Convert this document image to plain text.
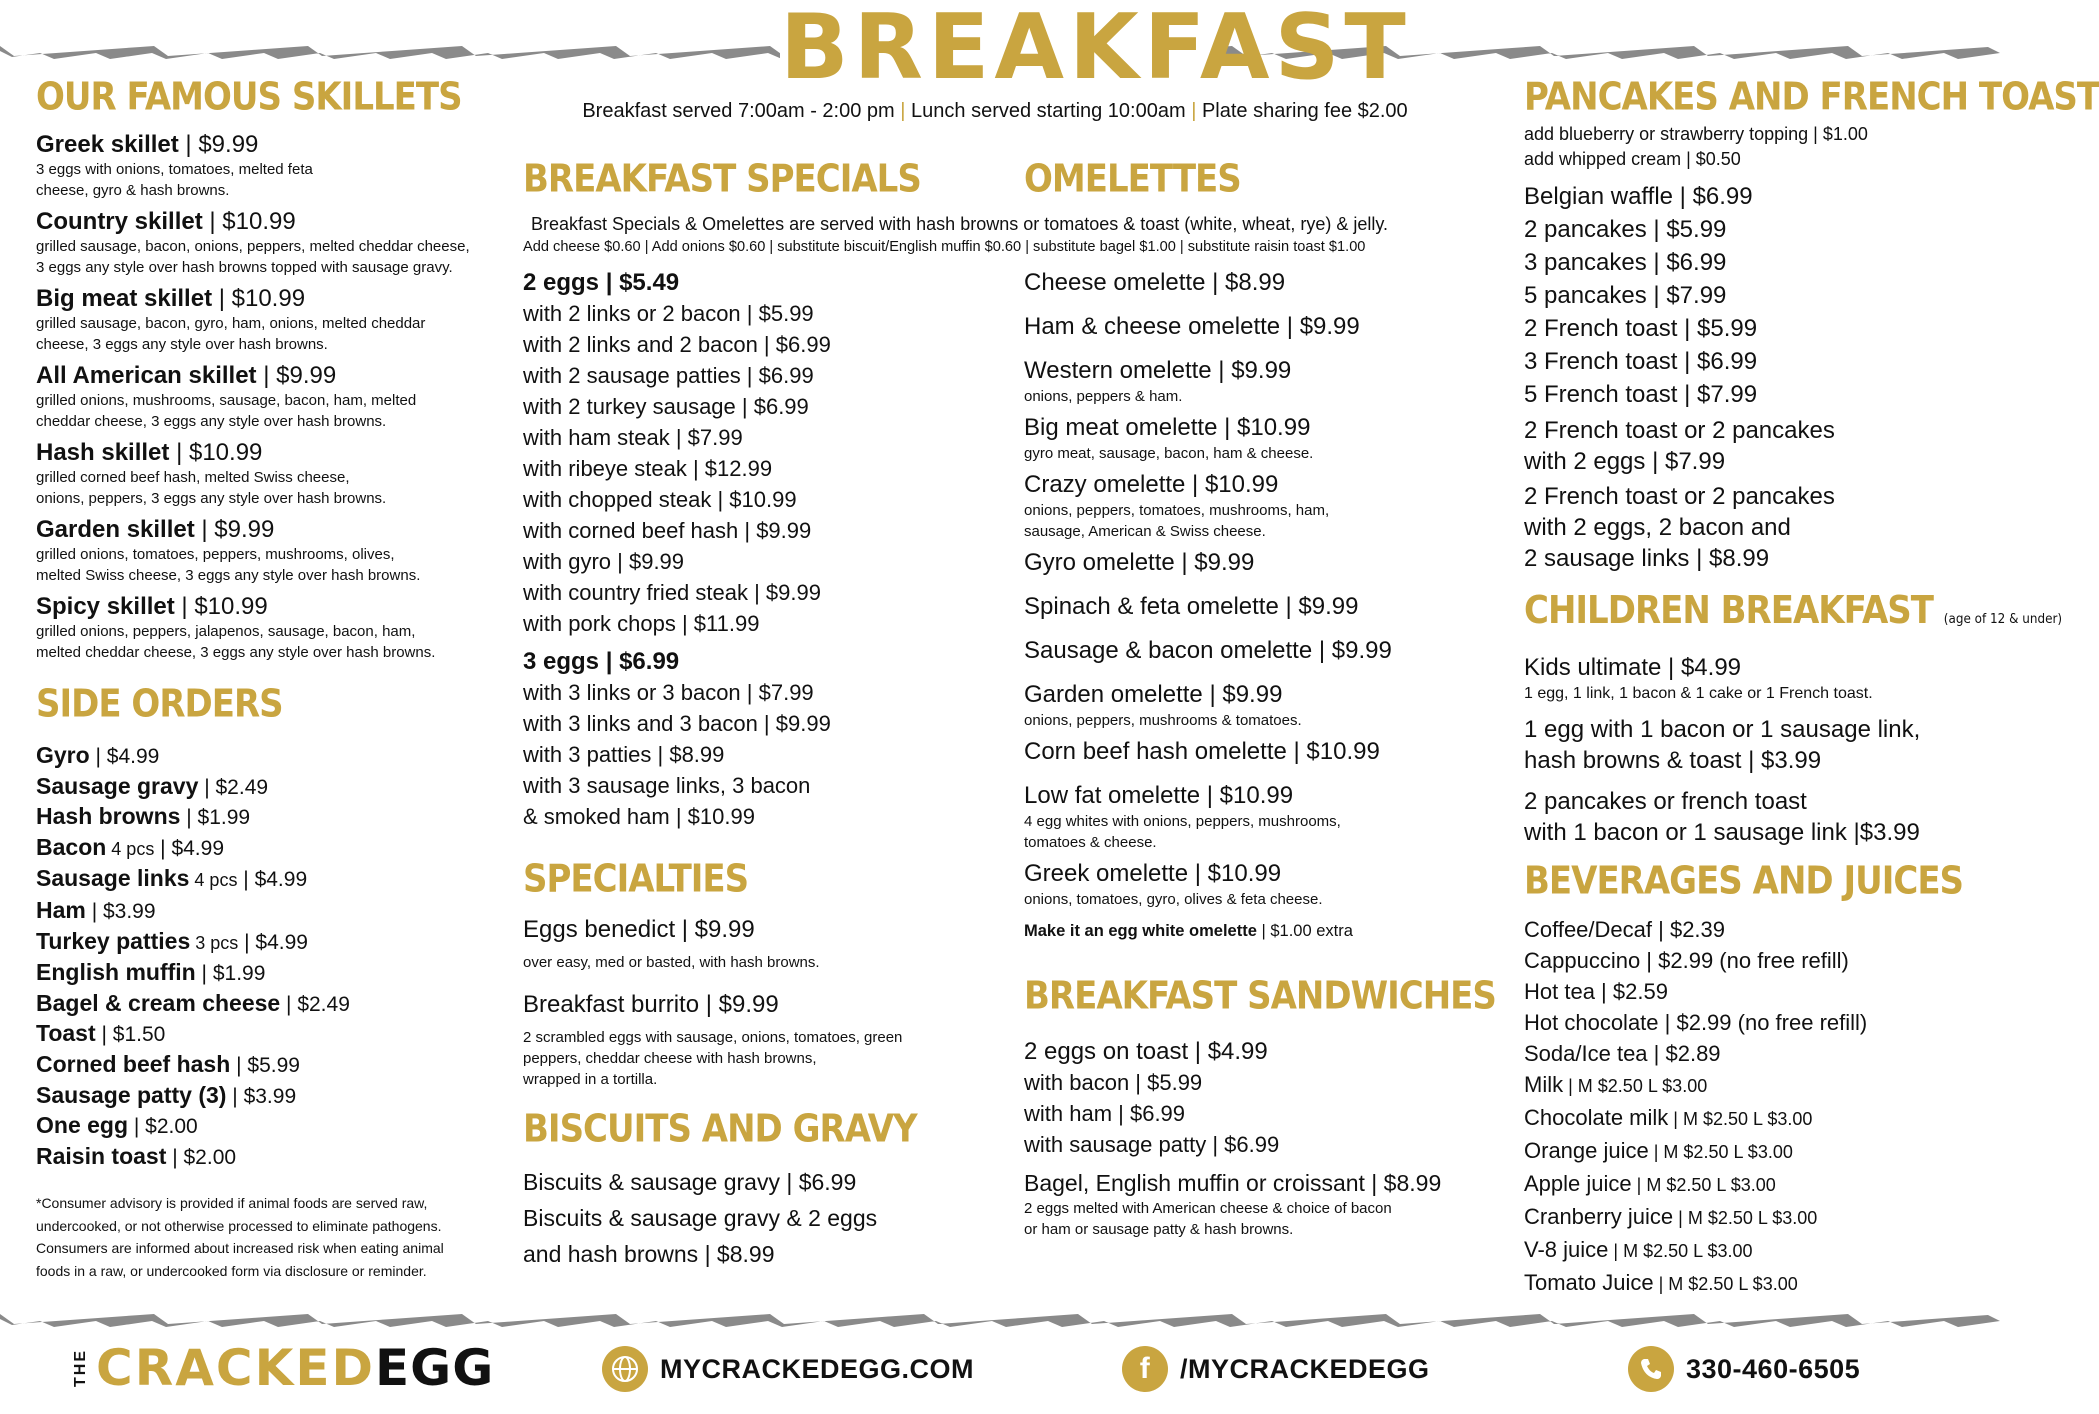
BREAKFAST
Breakfast served 7:00am - 2:00 pm | Lunch served starting 10:00am | Plate sharing fee $2.00
OUR FAMOUS SKILLETS
Greek skillet | $9.99
3 eggs with onions, tomatoes, melted feta
cheese, gyro & hash browns.
Country skillet | $10.99
grilled sausage, bacon, onions, peppers, melted cheddar cheese,
3 eggs any style over hash browns topped with sausage gravy.
Big meat skillet | $10.99
grilled sausage, bacon, gyro, ham, onions, melted cheddar
cheese, 3 eggs any style over hash browns.
All American skillet | $9.99
grilled onions, mushrooms, sausage, bacon, ham, melted
cheddar cheese, 3 eggs any style over hash browns.
Hash skillet | $10.99
grilled corned beef hash, melted Swiss cheese,
onions, peppers, 3 eggs any style over hash browns.
Garden skillet | $9.99
grilled onions, tomatoes, peppers, mushrooms, olives,
melted Swiss cheese, 3 eggs any style over hash browns.
Spicy skillet | $10.99
grilled onions, peppers, jalapenos, sausage, bacon, ham,
melted cheddar cheese, 3 eggs any style over hash browns.
SIDE ORDERS
Gyro | $4.99
Sausage gravy | $2.49
Hash browns | $1.99
Bacon 4 pcs | $4.99
Sausage links 4 pcs | $4.99
Ham | $3.99
Turkey patties 3 pcs | $4.99
English muffin | $1.99
Bagel & cream cheese | $2.49
Toast | $1.50
Corned beef hash | $5.99
Sausage patty (3) | $3.99
One egg | $2.00
Raisin toast | $2.00
*Consumer advisory is provided if animal foods are served raw,
undercooked, or not otherwise processed to eliminate pathogens.
Consumers are informed about increased risk when eating animal
foods in a raw, or undercooked form via disclosure or reminder.
BREAKFAST SPECIALS	OMELETTES
Breakfast Specials & Omelettes are served with hash browns or tomatoes & toast (white, wheat, rye) & jelly.
Add cheese $0.60 | Add onions $0.60 | substitute biscuit/English muffin $0.60 | substitute bagel $1.00 | substitute raisin toast $1.00
2 eggs | $5.49
with 2 links or 2 bacon | $5.99
with 2 links and 2 bacon | $6.99
with 2 sausage patties | $6.99
with 2 turkey sausage | $6.99
with ham steak | $7.99
with ribeye steak | $12.99
with chopped steak | $10.99
with corned beef hash | $9.99
with gyro | $9.99
with country fried steak | $9.99
with pork chops | $11.99
3 eggs | $6.99
with 3 links or 3 bacon | $7.99
with 3 links and 3 bacon | $9.99
with 3 patties | $8.99
with 3 sausage links, 3 bacon
& smoked ham | $10.99
SPECIALTIES
Eggs benedict | $9.99
over easy, med or basted, with hash browns.
Breakfast burrito | $9.99
2 scrambled eggs with sausage, onions, tomatoes, green
peppers, cheddar cheese with hash browns,
wrapped in a tortilla.
BISCUITS AND GRAVY
Biscuits & sausage gravy | $6.99
Biscuits & sausage gravy & 2 eggs
and hash browns | $8.99
Cheese omelette | $8.99
Ham & cheese omelette | $9.99
Western omelette | $9.99
onions, peppers & ham.
Big meat omelette | $10.99
gyro meat, sausage, bacon, ham & cheese.
Crazy omelette | $10.99
onions, peppers, tomatoes, mushrooms, ham,
sausage, American & Swiss cheese.
Gyro omelette | $9.99
Spinach & feta omelette | $9.99
Sausage & bacon omelette | $9.99
Garden omelette | $9.99
onions, peppers, mushrooms & tomatoes.
Corn beef hash omelette | $10.99
Low fat omelette | $10.99
4 egg whites with onions, peppers, mushrooms,
tomatoes & cheese.
Greek omelette | $10.99
onions, tomatoes, gyro, olives & feta cheese.
Make it an egg white omelette | $1.00 extra
BREAKFAST SANDWICHES
2 eggs on toast | $4.99
with bacon | $5.99
with ham | $6.99
with sausage patty | $6.99
Bagel, English muffin or croissant | $8.99
2 eggs melted with American cheese & choice of bacon
or ham or sausage patty & hash browns.
PANCAKES AND FRENCH TOAST
add blueberry or strawberry topping | $1.00
add whipped cream | $0.50
Belgian waffle | $6.99
2 pancakes | $5.99
3 pancakes | $6.99
5 pancakes | $7.99
2 French toast | $5.99
3 French toast | $6.99
5 French toast | $7.99
2 French toast or 2 pancakes
with 2 eggs | $7.99
2 French toast or 2 pancakes
with 2 eggs, 2 bacon and
2 sausage links | $8.99
CHILDREN BREAKFAST (age of 12 & under)
Kids ultimate | $4.99
1 egg, 1 link, 1 bacon & 1 cake or 1 French toast.
1 egg with 1 bacon or 1 sausage link,
hash browns & toast | $3.99
2 pancakes or french toast
with 1 bacon or 1 sausage link |$3.99
BEVERAGES AND JUICES
Coffee/Decaf | $2.39
Cappuccino | $2.99 (no free refill)
Hot tea | $2.59
Hot chocolate | $2.99 (no free refill)
Soda/Ice tea | $2.89
Milk | M $2.50 L $3.00
Chocolate milk | M $2.50 L $3.00
Orange juice | M $2.50 L $3.00
Apple juice | M $2.50 L $3.00
Cranberry juice | M $2.50 L $3.00
V-8 juice | M $2.50 L $3.00
Tomato Juice | M $2.50 L $3.00
THE CRACKED EGG	MYCRACKEDEGG.COM	f	/MYCRACKEDEGG	330-460-6505
